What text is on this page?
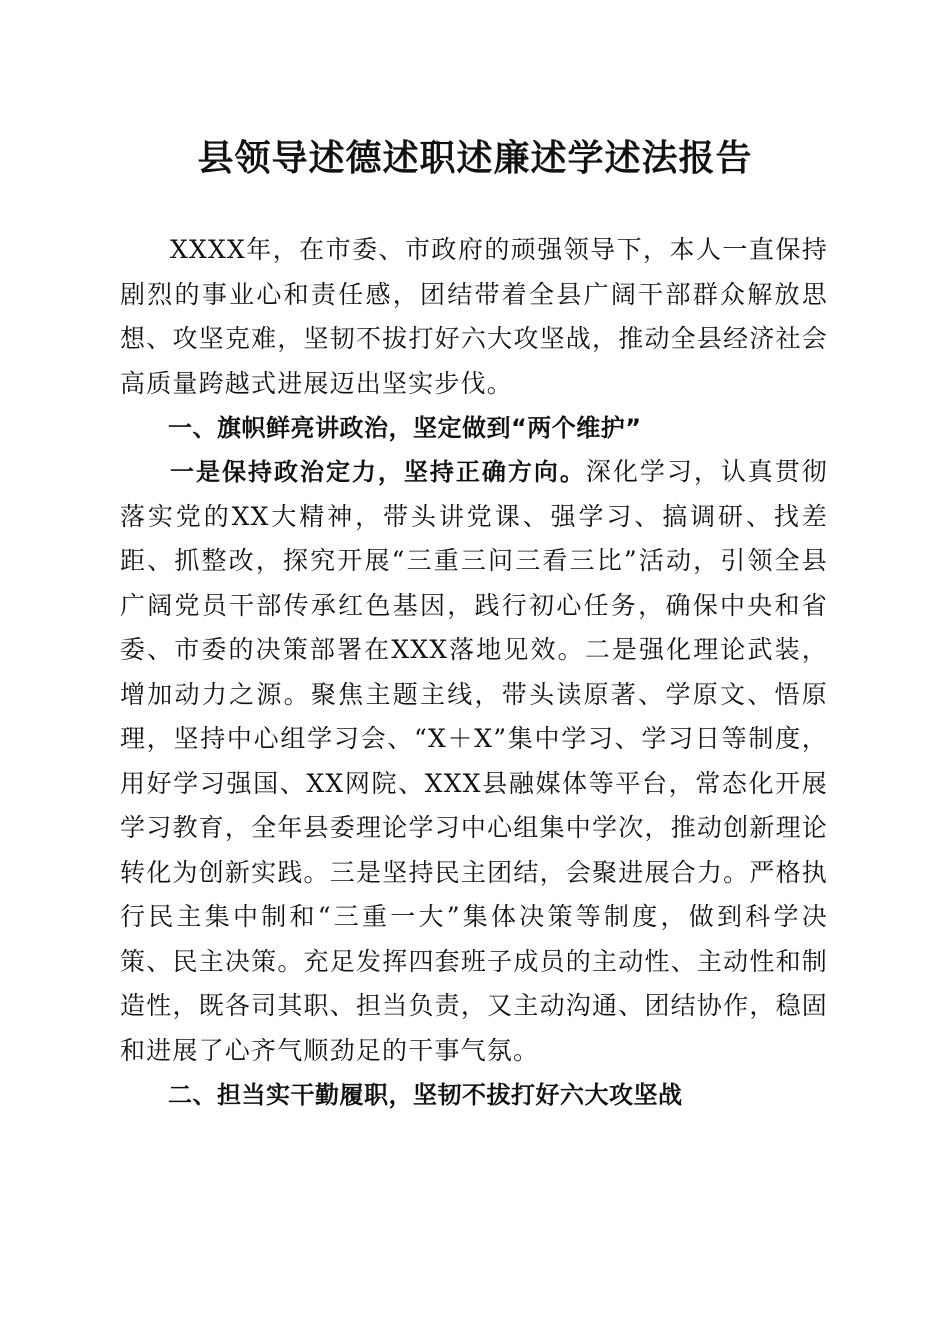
县领导述德述职述廉述学述法报告

XXXX年，在市委、市政府的顽强领导下，本人一直保持剧烈的事业心和责任感，团结带着全县广阔干部群众解放思想、攻坚克难，坚韧不拔打好六大攻坚战，推动全县经济社会高质量跨越式进展迈出坚实步伐。

一、旗帜鲜亮讲政治，坚定做到“两个维护”

一是保持政治定力，坚持正确方向。深化学习，认真贯彻落实党的XX大精神，带头讲党课、强学习、搞调研、找差距、抓整改，探究开展“三重三问三看三比”活动，引领全县广阔党员干部传承红色基因，践行初心任务，确保中央和省委、市委的决策部署在XXX落地见效。二是强化理论武装，增加动力之源。聚焦主题主线，带头读原著、学原文、悟原理，坚持中心组学习会、“X＋X”集中学习、学习日等制度，用好学习强国、XX网院、XXX县融媒体等平台，常态化开展学习教育，全年县委理论学习中心组集中学次，推动创新理论转化为创新实践。三是坚持民主团结，会聚进展合力。严格执行民主集中制和“三重一大”集体决策等制度，做到科学决策、民主决策。充足发挥四套班子成员的主动性、主动性和制造性，既各司其职、担当负责，又主动沟通、团结协作，稳固和进展了心齐气顺劲足的干事气氛。

二、担当实干勤履职，坚韧不拔打好六大攻坚战
